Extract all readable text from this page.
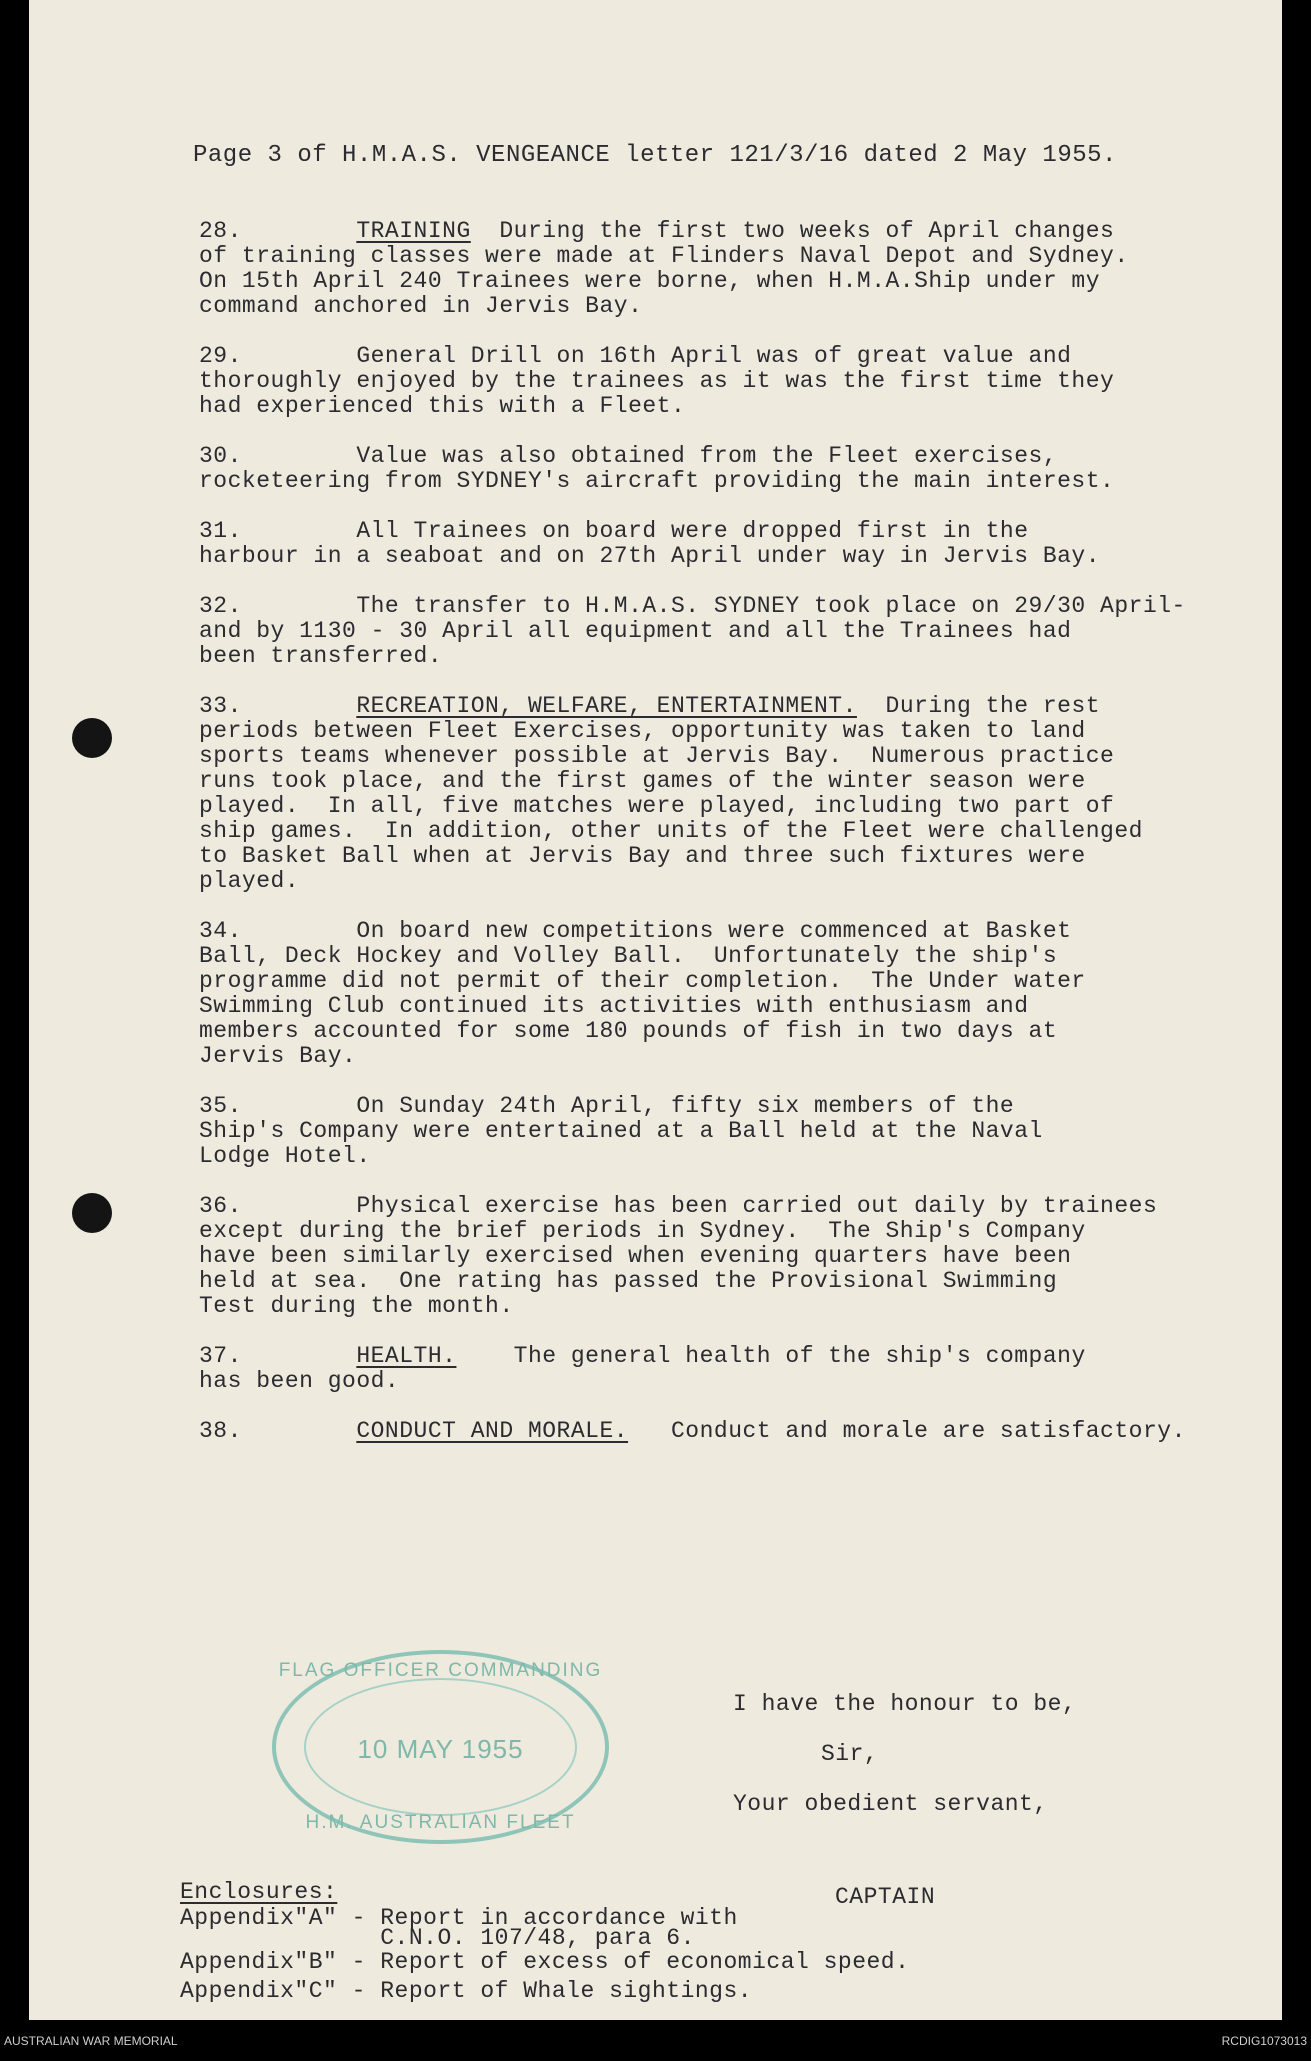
Page 3 of H.M.A.S. VENGEANCE letter 121/3/16 dated 2 May 1955.
28.        TRAINING  During the first two weeks of April changes
of training classes were made at Flinders Naval Depot and Sydney.
On 15th April 240 Trainees were borne, when H.M.A.Ship under my
command anchored in Jervis Bay.
29.        General Drill on 16th April was of great value and
thoroughly enjoyed by the trainees as it was the first time they
had experienced this with a Fleet.
30.        Value was also obtained from the Fleet exercises,
rocketeering from SYDNEY's aircraft providing the main interest.
31.        All Trainees on board were dropped first in the
harbour in a seaboat and on 27th April under way in Jervis Bay.
32.        The transfer to H.M.A.S. SYDNEY took place on 29/30 April-
and by 1130 - 30 April all equipment and all the Trainees had
been transferred.
33.        RECREATION, WELFARE, ENTERTAINMENT.  During the rest
periods between Fleet Exercises, opportunity was taken to land
sports teams whenever possible at Jervis Bay.  Numerous practice
runs took place, and the first games of the winter season were
played.  In all, five matches were played, including two part of
ship games.  In addition, other units of the Fleet were challenged
to Basket Ball when at Jervis Bay and three such fixtures were
played.
34.        On board new competitions were commenced at Basket
Ball, Deck Hockey and Volley Ball.  Unfortunately the ship's
programme did not permit of their completion.  The Under water
Swimming Club continued its activities with enthusiasm and
members accounted for some 180 pounds of fish in two days at
Jervis Bay.
35.        On Sunday 24th April, fifty six members of the
Ship's Company were entertained at a Ball held at the Naval
Lodge Hotel.
36.        Physical exercise has been carried out daily by trainees
except during the brief periods in Sydney.  The Ship's Company
have been similarly exercised when evening quarters have been
held at sea.  One rating has passed the Provisional Swimming
Test during the month.
37.        HEALTH.    The general health of the ship's company
has been good.
38.        CONDUCT AND MORALE.   Conduct and morale are satisfactory.
FLAG OFFICER COMMANDING
10 MAY 1955
H.M. AUSTRALIAN FLEET
I have the honour to be,
Sir,
Your obedient servant,
CAPTAIN
Enclosures:
Appendix"A" - Report in accordance with
C.N.O. 107/48, para 6.
Appendix"B" - Report of excess of economical speed.
Appendix"C" - Report of Whale sightings.
AUSTRALIAN WAR MEMORIAL	RCDIG1073013
